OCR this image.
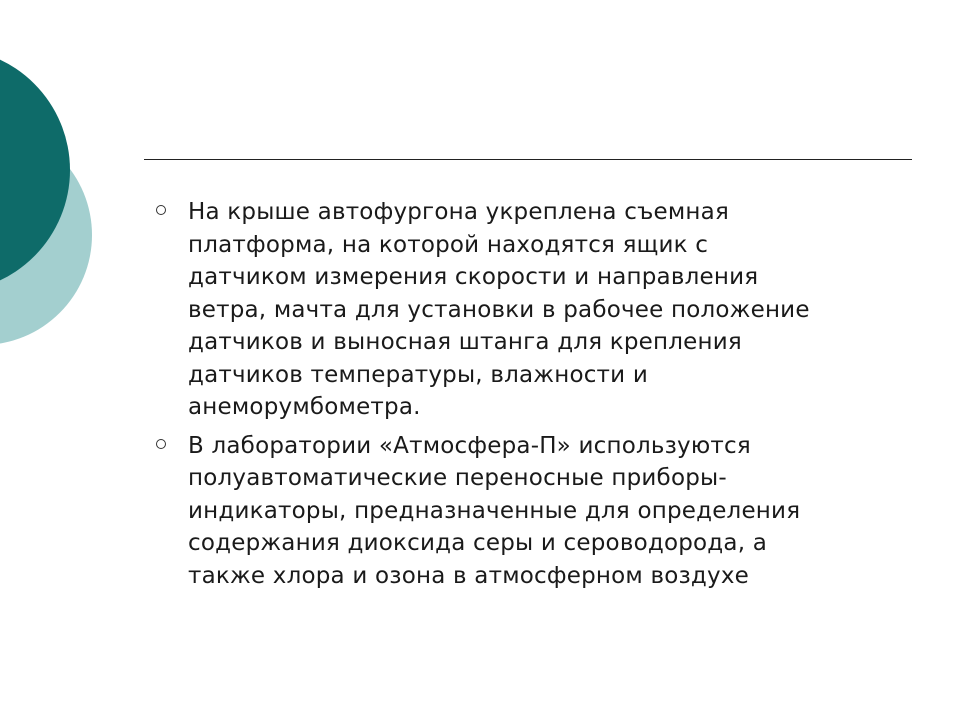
На крыше автофургона укреплена съемная
платформа, на которой находятся ящик с
датчиком измерения скорости и направления
ветра, мачта для установки в рабочее положение
датчиков и выносная штанга для крепления
датчиков температуры, влажности и
анеморумбометра.
В лаборатории «Атмосфера-П» используются
полуавтоматические переносные приборы-
индикаторы, предназначенные для определения
содержания диоксида серы и сероводорода, а
также хлора и озона в атмосферном воздухе
